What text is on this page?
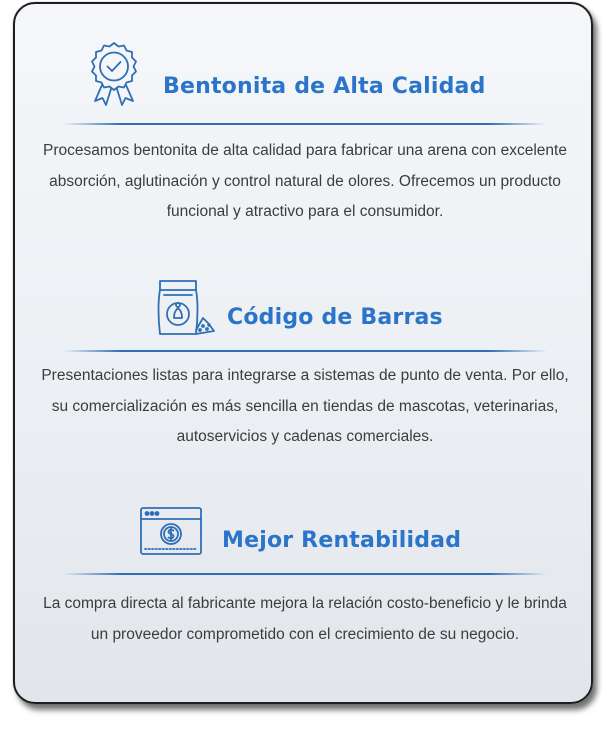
Bentonita de Alta Calidad
Procesamos bentonita de alta calidad para fabricar una arena con excelente absorción, aglutinación y control natural de olores. Ofrecemos un producto funcional y atractivo para el consumidor.
Código de Barras
Presentaciones listas para integrarse a sistemas de punto de venta. Por ello, su comercialización es más sencilla en tiendas de mascotas, veterinarias, autoservicios y cadenas comerciales.
Mejor Rentabilidad
La compra directa al fabricante mejora la relación costo-beneficio y le brinda un proveedor comprometido con el crecimiento de su negocio.
